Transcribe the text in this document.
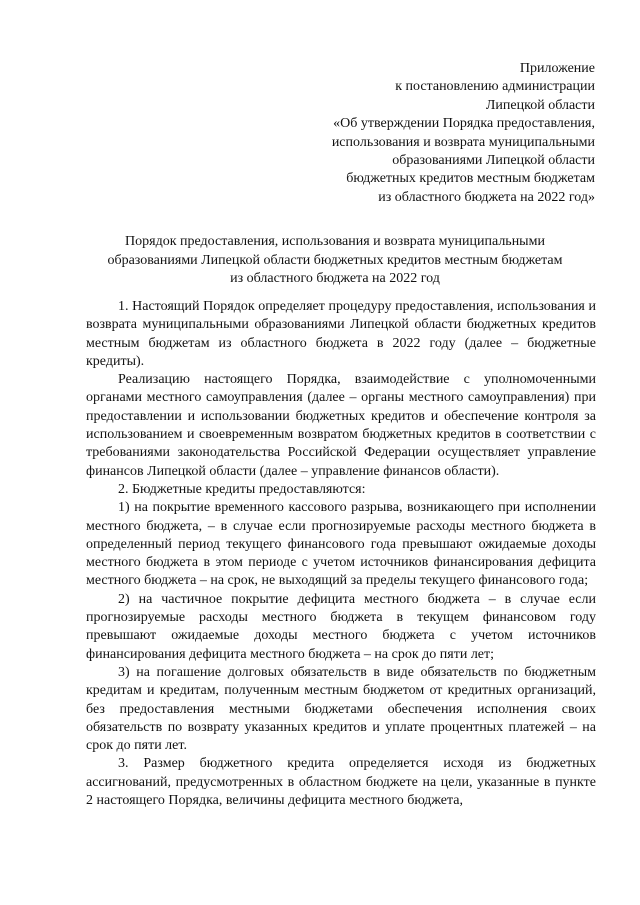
Приложение
к постановлению администрации
Липецкой области
«Об утверждении Порядка предоставления,
использования и возврата муниципальными
образованиями Липецкой области
бюджетных кредитов местным бюджетам
из областного бюджета на 2022 год»
Порядок предоставления, использования и возврата муниципальными
образованиями Липецкой области бюджетных кредитов местным бюджетам
из областного бюджета на 2022 год

1. Настоящий Порядок определяет процедуру предоставления, использования и возврата муниципальными образованиями Липецкой области бюджетных кредитов местным бюджетам из областного бюджета в 2022 году (далее – бюджетные кредиты).

Реализацию настоящего Порядка, взаимодействие с уполномоченными органами местного самоуправления (далее – органы местного самоуправления) при предоставлении и использовании бюджетных кредитов и обеспечение контроля за использованием и своевременным возвратом бюджетных кредитов в соответствии с требованиями законодательства Российской Федерации осуществляет управление финансов Липецкой области (далее – управление финансов области).

2. Бюджетные кредиты предоставляются:

1) на покрытие временного кассового разрыва, возникающего при исполнении местного бюджета, – в случае если прогнозируемые расходы местного бюджета в определенный период текущего финансового года превышают ожидаемые доходы местного бюджета в этом периоде с учетом источников финансирования дефицита местного бюджета – на срок, не выходящий за пределы текущего финансового года;

2) на частичное покрытие дефицита местного бюджета – в случае если прогнозируемые расходы местного бюджета в текущем финансовом году превышают ожидаемые доходы местного бюджета с учетом источников финансирования дефицита местного бюджета – на срок до пяти лет;

3) на погашение долговых обязательств в виде обязательств по бюджетным кредитам и кредитам, полученным местным бюджетом от кредитных организаций, без предоставления местными бюджетами обеспечения исполнения своих обязательств по возврату указанных кредитов и уплате процентных платежей – на срок до пяти лет.

3. Размер бюджетного кредита определяется исходя из бюджетных ассигнований, предусмотренных в областном бюджете на цели, указанные в пункте 2 настоящего Порядка, величины дефицита местного бюджета,
